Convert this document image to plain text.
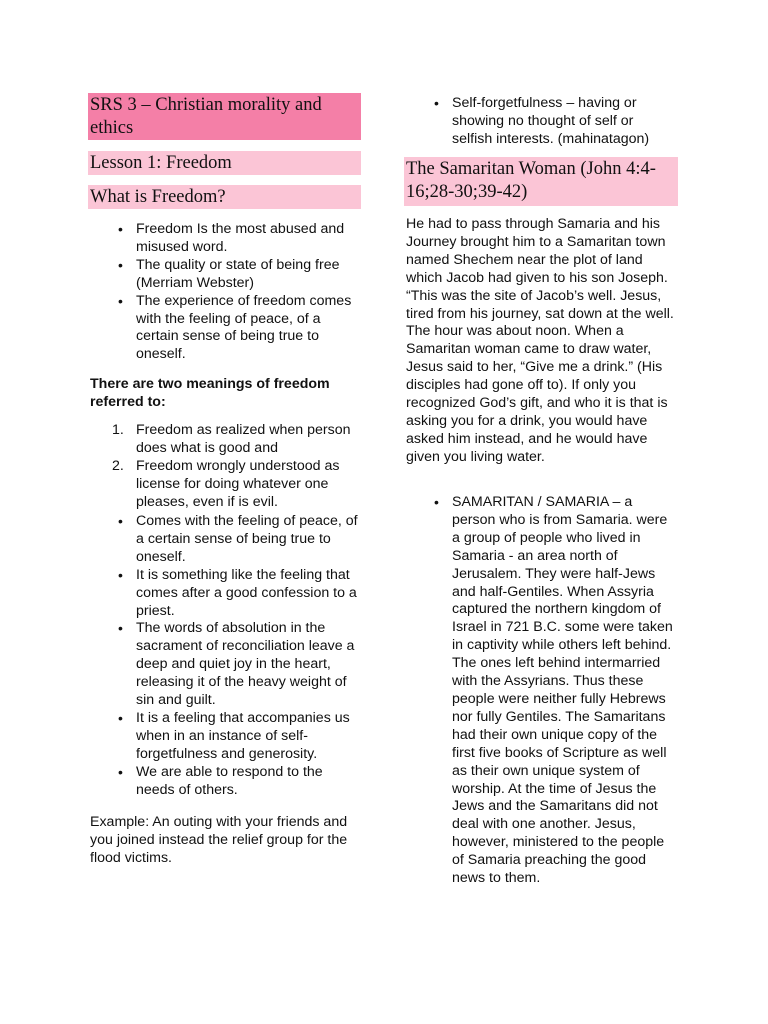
SRS 3 – Christian morality and ethics
Lesson 1: Freedom
What is Freedom?
• Freedom Is the most abused and misused word.
• The quality or state of being free (Merriam Webster)
• The experience of freedom comes with the feeling of peace, of a certain sense of being true to oneself.

There are two meanings of freedom referred to:

1. Freedom as realized when person does what is good and
2. Freedom wrongly understood as license for doing whatever one pleases, even if is evil.
• Comes with the feeling of peace, of a certain sense of being true to oneself.
• It is something like the feeling that comes after a good confession to a priest.
• The words of absolution in the sacrament of reconciliation leave a deep and quiet joy in the heart, releasing it of the heavy weight of sin and guilt.
• It is a feeling that accompanies us when in an instance of self-forgetfulness and generosity.
• We are able to respond to the needs of others.

Example: An outing with your friends and you joined instead the relief group for the flood victims.

• Self-forgetfulness – having or showing no thought of self or selfish interests. (mahinatagon)
The Samaritan Woman (John 4:4-16;28-30;39-42)

He had to pass through Samaria and his Journey brought him to a Samaritan town named Shechem near the plot of land which Jacob had given to his son Joseph. “This was the site of Jacob’s well. Jesus, tired from his journey, sat down at the well. The hour was about noon. When a Samaritan woman came to draw water, Jesus said to her, “Give me a drink.” (His disciples had gone off to). If only you recognized God’s gift, and who it is that is asking you for a drink, you would have asked him instead, and he would have given you living water.

• SAMARITAN / SAMARIA – a person who is from Samaria. were a group of people who lived in Samaria - an area north of Jerusalem. They were half-Jews and half-Gentiles. When Assyria captured the northern kingdom of Israel in 721 B.C. some were taken in captivity while others left behind. The ones left behind intermarried with the Assyrians. Thus these people were neither fully Hebrews nor fully Gentiles. The Samaritans had their own unique copy of the first five books of Scripture as well as their own unique system of worship. At the time of Jesus the Jews and the Samaritans did not deal with one another. Jesus, however, ministered to the people of Samaria preaching the good news to them.
